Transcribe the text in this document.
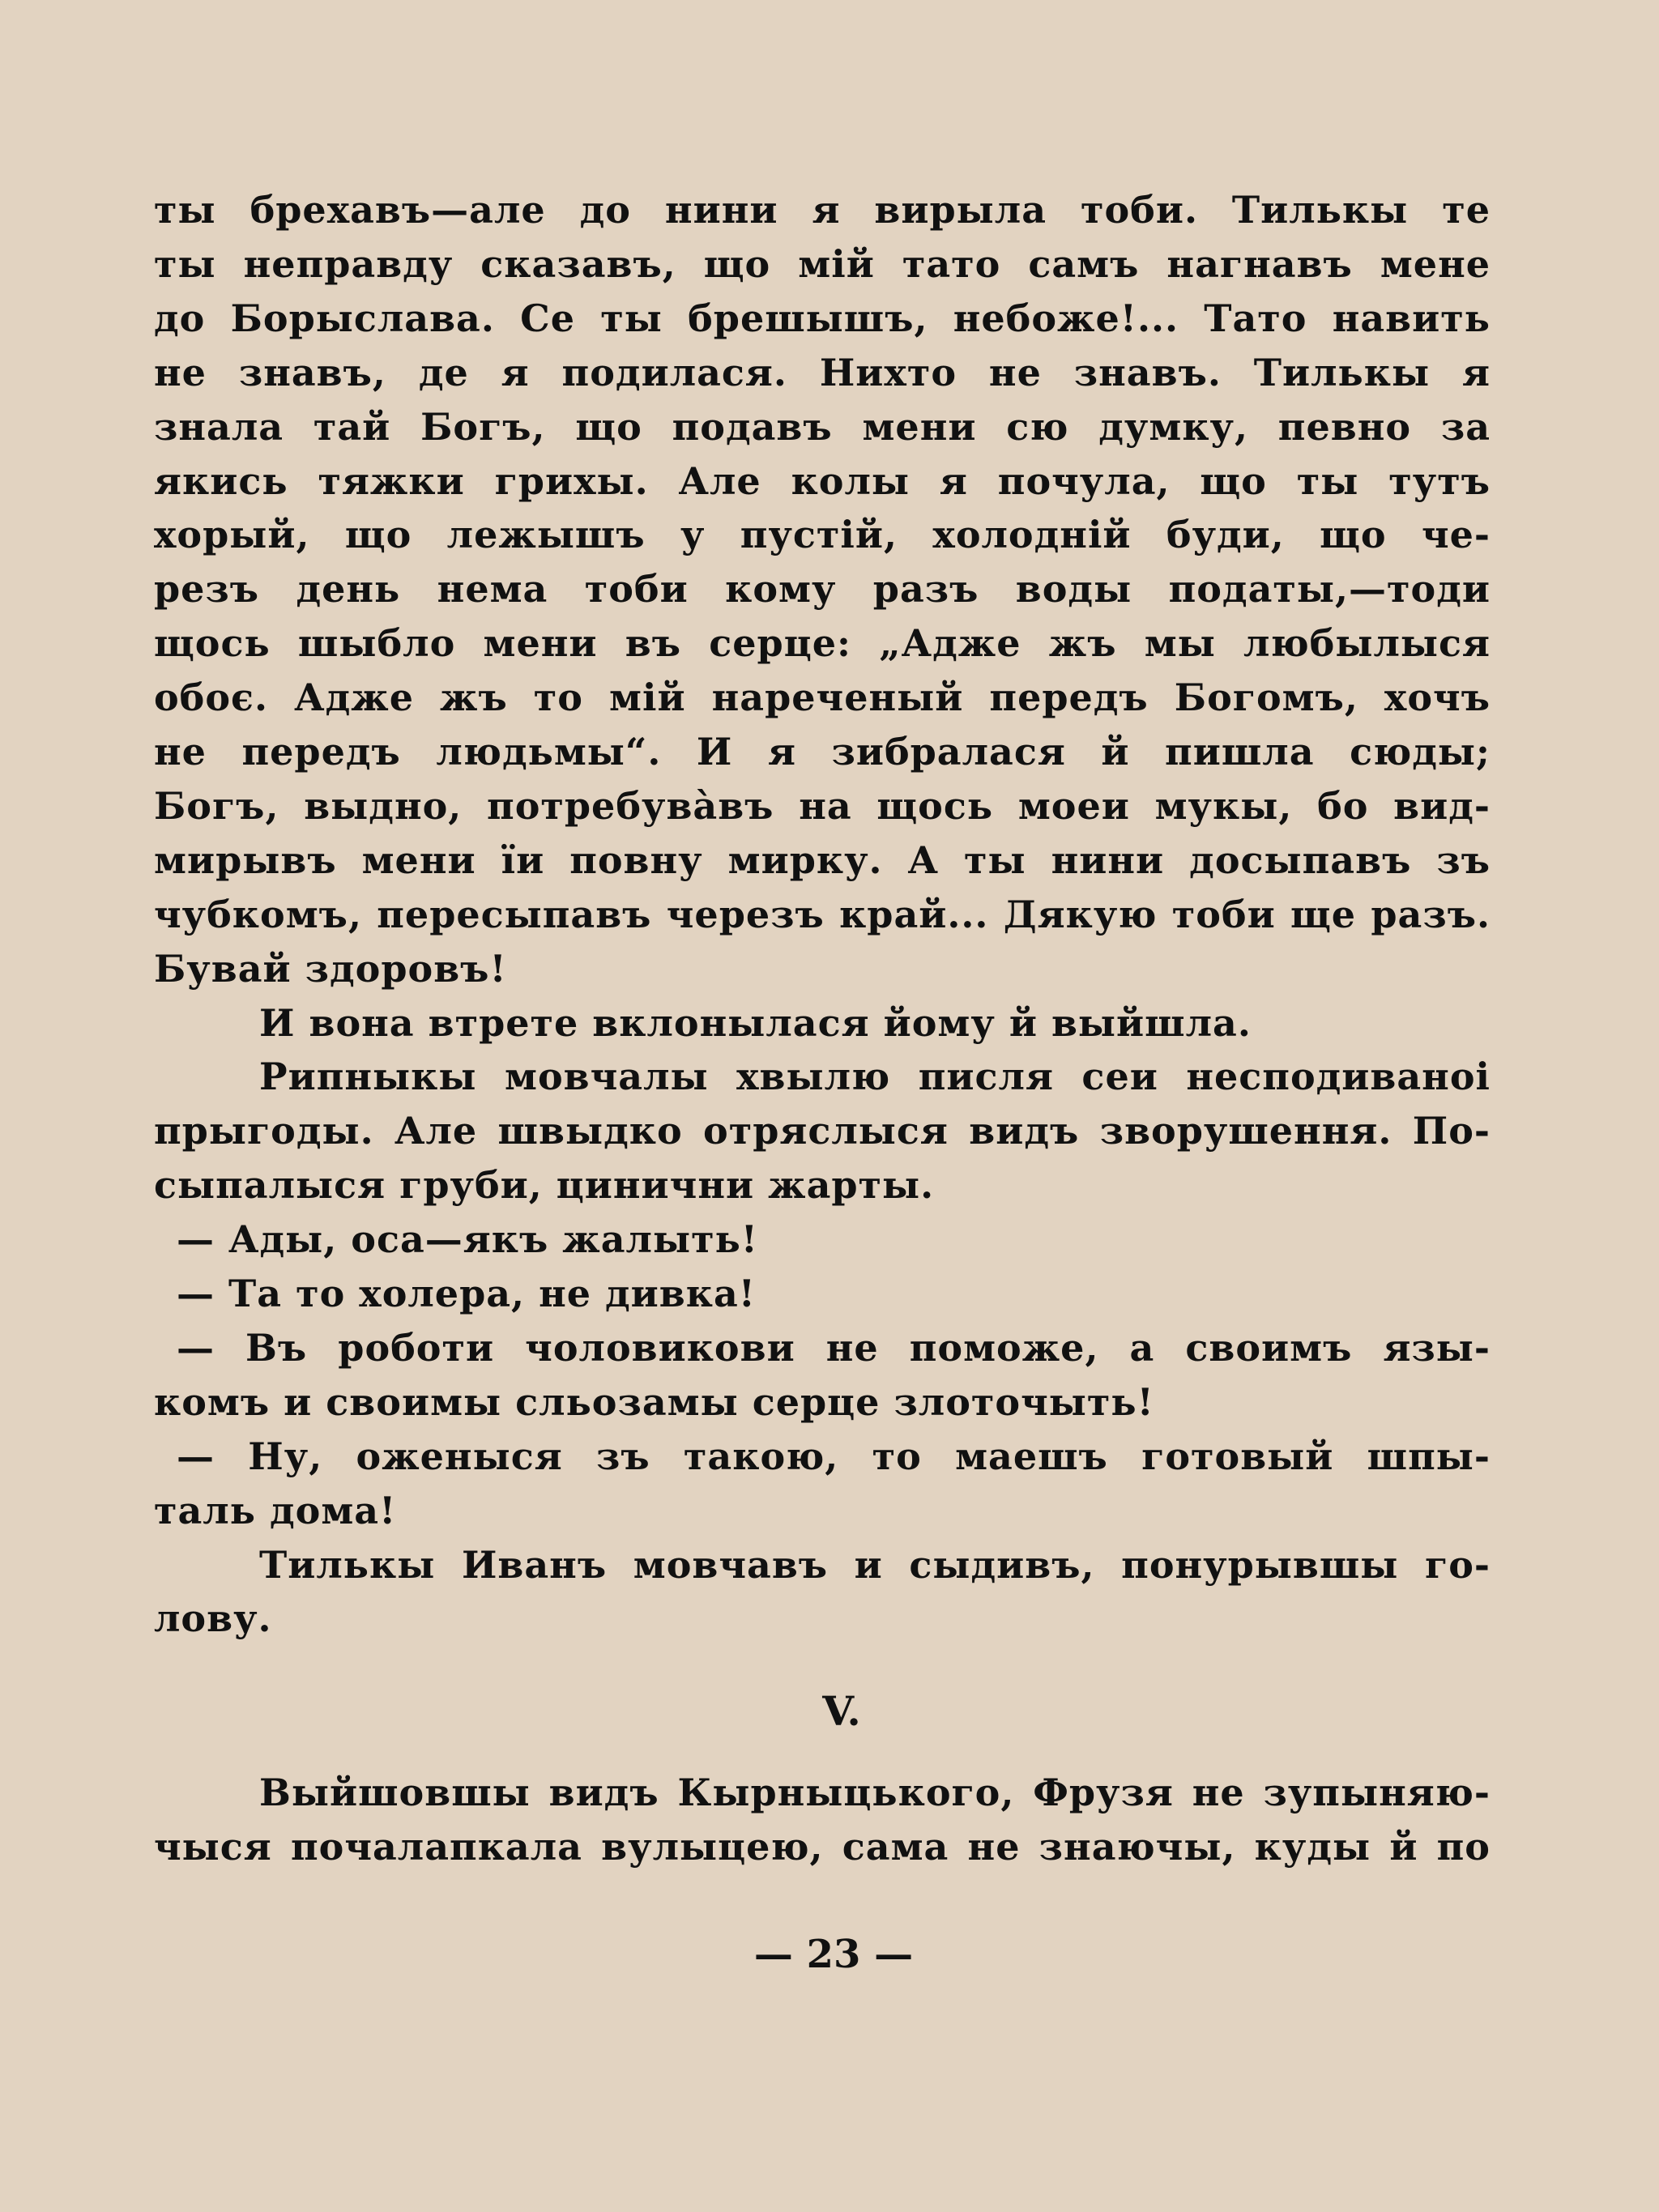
ты брехавъ—але до нини я вирыла тоби. Тилькы те
ты неправду сказавъ, що мій тато самъ нагнавъ мене
до Борыслава. Се ты брешышъ, небоже!... Тато навить
не знавъ, де я подилася. Нихто не знавъ. Тилькы я
знала тай Богъ, що подавъ мени сю думку, певно за
якись тяжки грихы. Але колы я почула, що ты тутъ
хорый, що лежышъ у пустій, холодній буди, що че-
резъ день нема тоби кому разъ воды податы,—тоди
щось шыбло мени въ серце: „Адже жъ мы любылыся
обоє. Адже жъ то мій нареченый передъ Богомъ, хочъ
не передъ людьмы“. И я зибралася й пишла сюды;
Богъ, выдно, потребувàвъ на щось моеи мукы, бо вид-
мирывъ мени ïи повну мирку. А ты нини досыпавъ зъ
чубкомъ, пересыпавъ черезъ край... Дякую тоби ще разъ.
Бувай здоровъ!
И вона втрете вклонылася йому й выйшла.
Рипныкы мовчалы хвылю писля сеи несподиваноi
прыгоды. Але швыдко отряслыся видъ зворушення. По-
сыпалыся груби, цинични жарты.
— Ады, оса—якъ жалыть!
— Та то холера, не дивка!
— Въ роботи чоловикови не поможе, а своимъ язы-
комъ и своимы сльозамы серце злоточыть!
— Ну, оженыся зъ такою, то маешъ готовый шпы-
таль дома!
Тилькы Иванъ мовчавъ и сыдивъ, понурывшы го-
лову.
V.
Выйшовшы видъ Кырныцького, Фрузя не зупыняю-
чыся почалапкала вулыцею, сама не знаючы, куды й по
— 23 —
